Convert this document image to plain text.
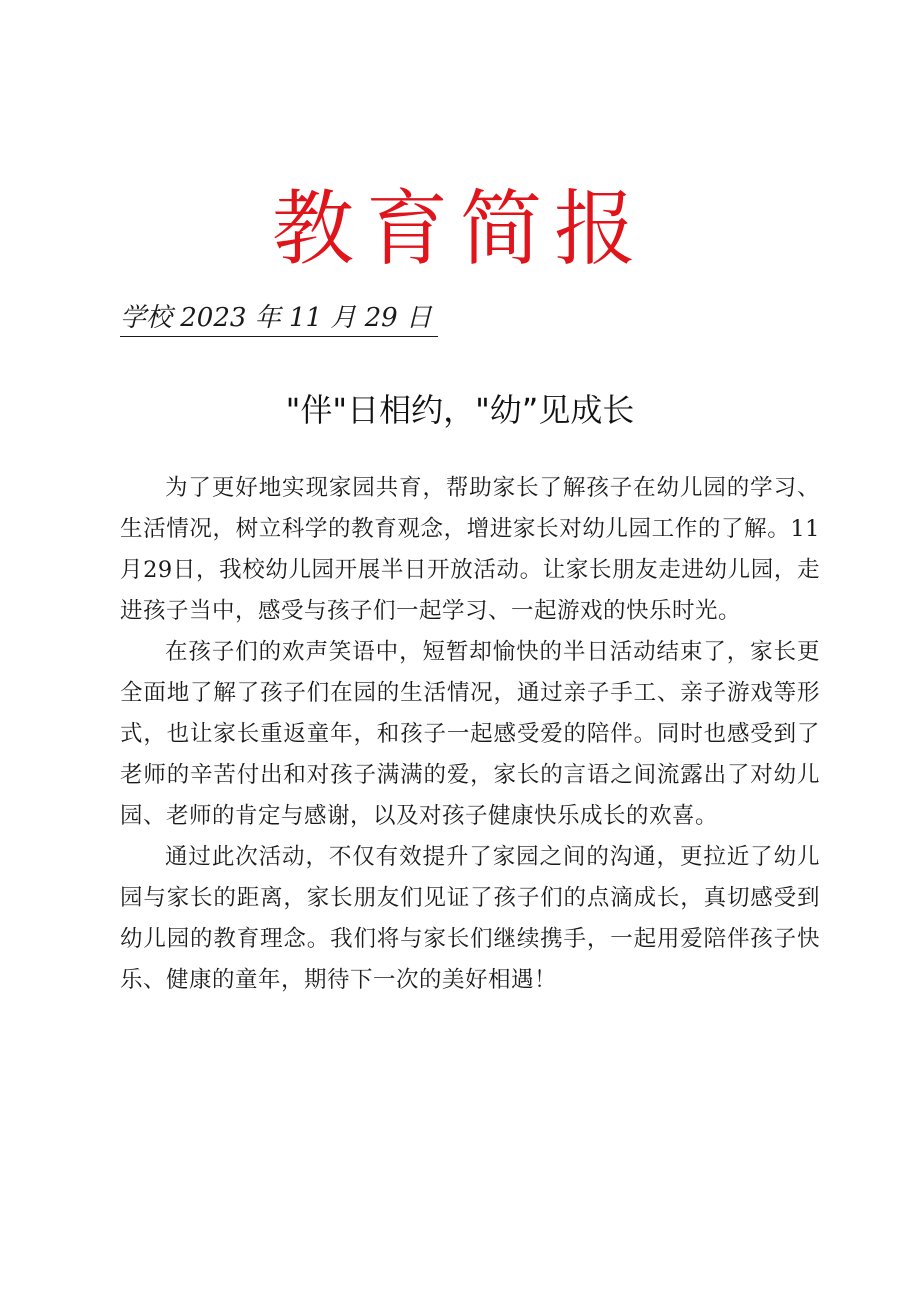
教育简报
学校 2023 年 11 月 29 日
"伴"日相约，"幼”见成长

为了更好地实现家园共育，帮助家长了解孩子在幼儿园的学习、生活情况，树立科学的教育观念，增进家长对幼儿园工作的了解。11月29日，我校幼儿园开展半日开放活动。让家长朋友走进幼儿园，走进孩子当中，感受与孩子们一起学习、一起游戏的快乐时光。

在孩子们的欢声笑语中，短暂却愉快的半日活动结束了，家长更全面地了解了孩子们在园的生活情况，通过亲子手工、亲子游戏等形式，也让家长重返童年，和孩子一起感受爱的陪伴。同时也感受到了老师的辛苦付出和对孩子满满的爱，家长的言语之间流露出了对幼儿园、老师的肯定与感谢，以及对孩子健康快乐成长的欢喜。

通过此次活动，不仅有效提升了家园之间的沟通，更拉近了幼儿园与家长的距离，家长朋友们见证了孩子们的点滴成长，真切感受到幼儿园的教育理念。我们将与家长们继续携手，一起用爱陪伴孩子快乐、健康的童年，期待下一次的美好相遇！
